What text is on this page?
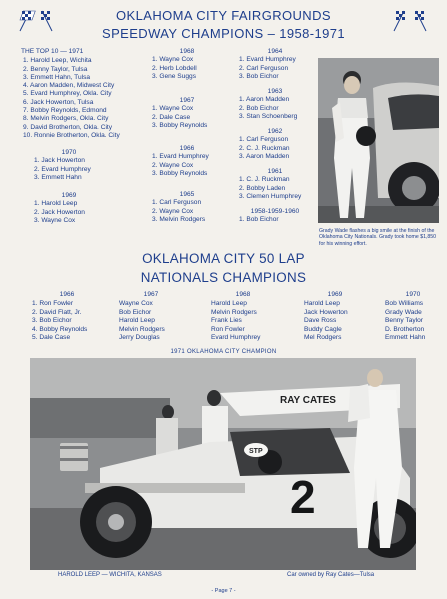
OKLAHOMA CITY FAIRGROUNDS
SPEEDWAY CHAMPIONS – 1958-1971
THE TOP 10 — 1971
1. Harold Leep, Wichita
2. Benny Taylor, Tulsa
3. Emmett Hahn, Tulsa
4. Aaron Madden, Midwest City
5. Evard Humphrey, Okla. City
6. Jack Howerton, Tulsa
7. Bobby Reynolds, Edmond
8. Melvin Rodgers, Okla. City
9. David Brotherton, Okla. City
10. Ronnie Brotherton, Okla. City
1970
1. Jack Howerton
2. Evard Humphrey
3. Emmett Hahn
1969
1. Harold Leep
2. Jack Howerton
3. Wayne Cox
1968
1. Wayne Cox
2. Herb Lobdell
3. Gene Suggs
1967
1. Wayne Cox
2. Dale Case
3. Bobby Reynolds
1966
1. Evard Humphrey
2. Wayne Cox
3. Bobby Reynolds
1965
1. Carl Ferguson
2. Wayne Cox
3. Melvin Rodgers
1964
1. Evard Humphrey
2. Carl Ferguson
3. Bob Eichor
1963
1. Aaron Madden
2. Bob Eichor
3. Stan Schoenberg
1962
1. Carl Ferguson
2. C. J. Ruckman
3. Aaron Madden
1961
1. C. J. Ruckman
2. Bobby Laden
3. Clemen Humphrey
1958-1959-1960
1. Bob Eichor
Grady Wade flashes a big smile at the finish of the Oklahoma City Nationals. Grady took home $1,850 for his winning effort.
OKLAHOMA CITY 50 LAP
NATIONALS CHAMPIONS
1966
1. Ron Fowler
2. David Flatt, Jr.
3. Bob Eichor
4. Bobby Reynolds
5. Dale Case
1967
Wayne Cox
Bob Eichor
Harold Leep
Melvin Rodgers
Jerry Douglas
1968
Harold Leep
Melvin Rodgers
Frank Lies
Ron Fowler
Evard Humphrey
1969
Harold Leep
Jack Howerton
Dave Ross
Buddy Cagle
Mel Rodgers
1970
Bob Williams
Grady Wade
Benny Taylor
D. Brotherton
Emmett Hahn
1971 OKLAHOMA CITY CHAMPION
RAY CATES
STP
2
HAROLD LEEP — WICHITA, KANSAS	Car owned by Ray Cates—Tulsa
- Page 7 -
